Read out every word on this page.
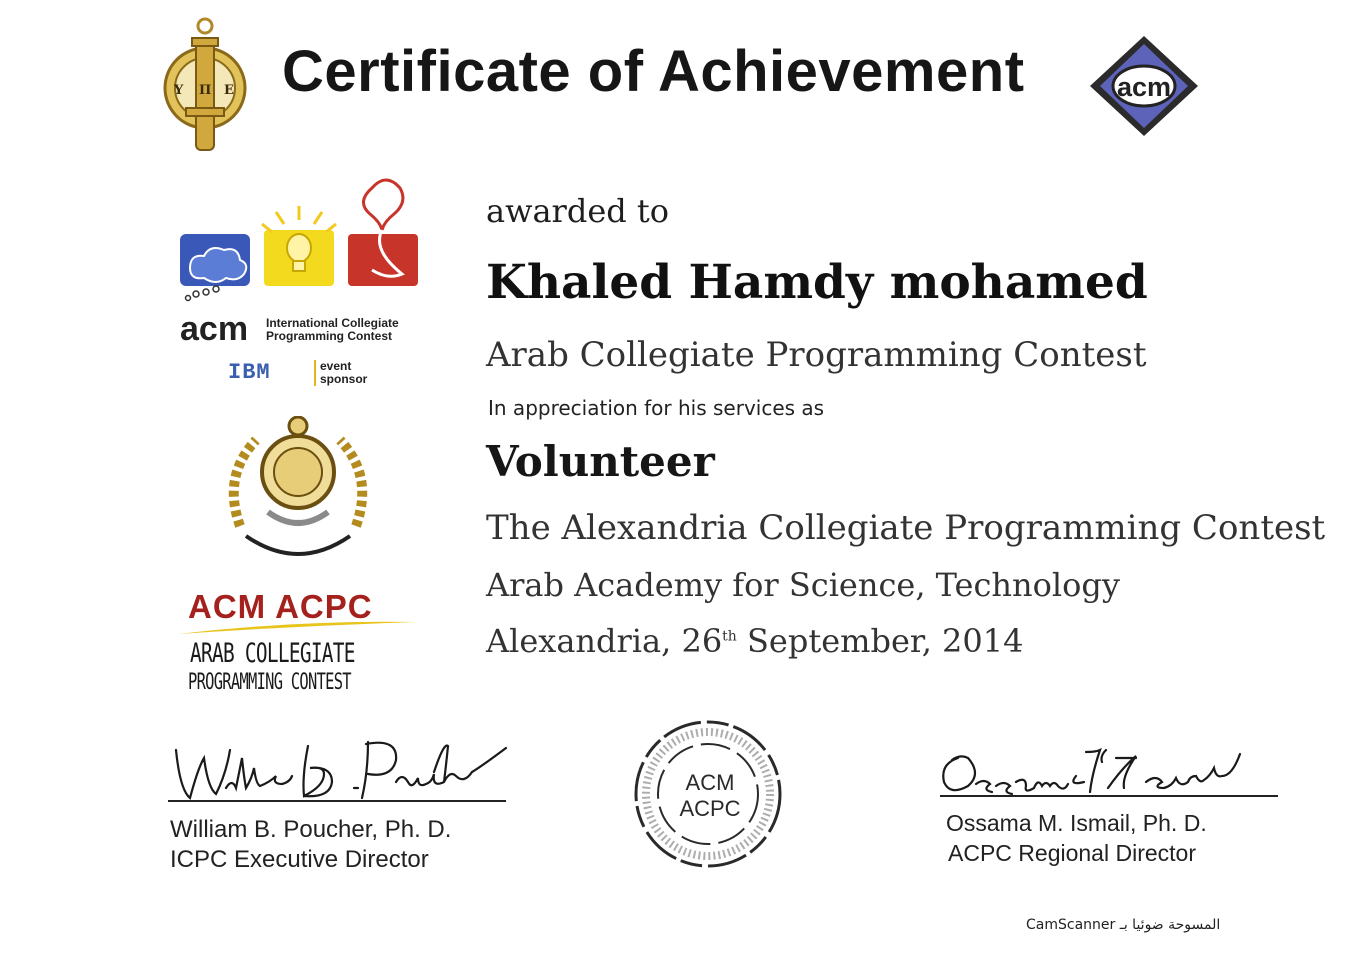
Υ Π Ε Certificate of Achievement	acm
acm International Collegiate
Programming Contest
IBM	event
sponsor
ACM ACPC
ARAB COLLEGIATE
PROGRAMMING CONTEST
awarded to
Khaled Hamdy mohamed
Arab Collegiate Programming Contest
In appreciation for his services as
Volunteer
The Alexandria Collegiate Programming Contest
Arab Academy for Science, Technology
Alexandria, 26th September, 2014
William B. Poucher, Ph. D.
ICPC Executive Director
ACM
ACPC
Ossama M. Ismail, Ph. D.
ACPC Regional Director
المسوحة ضوئيا بـ CamScanner
